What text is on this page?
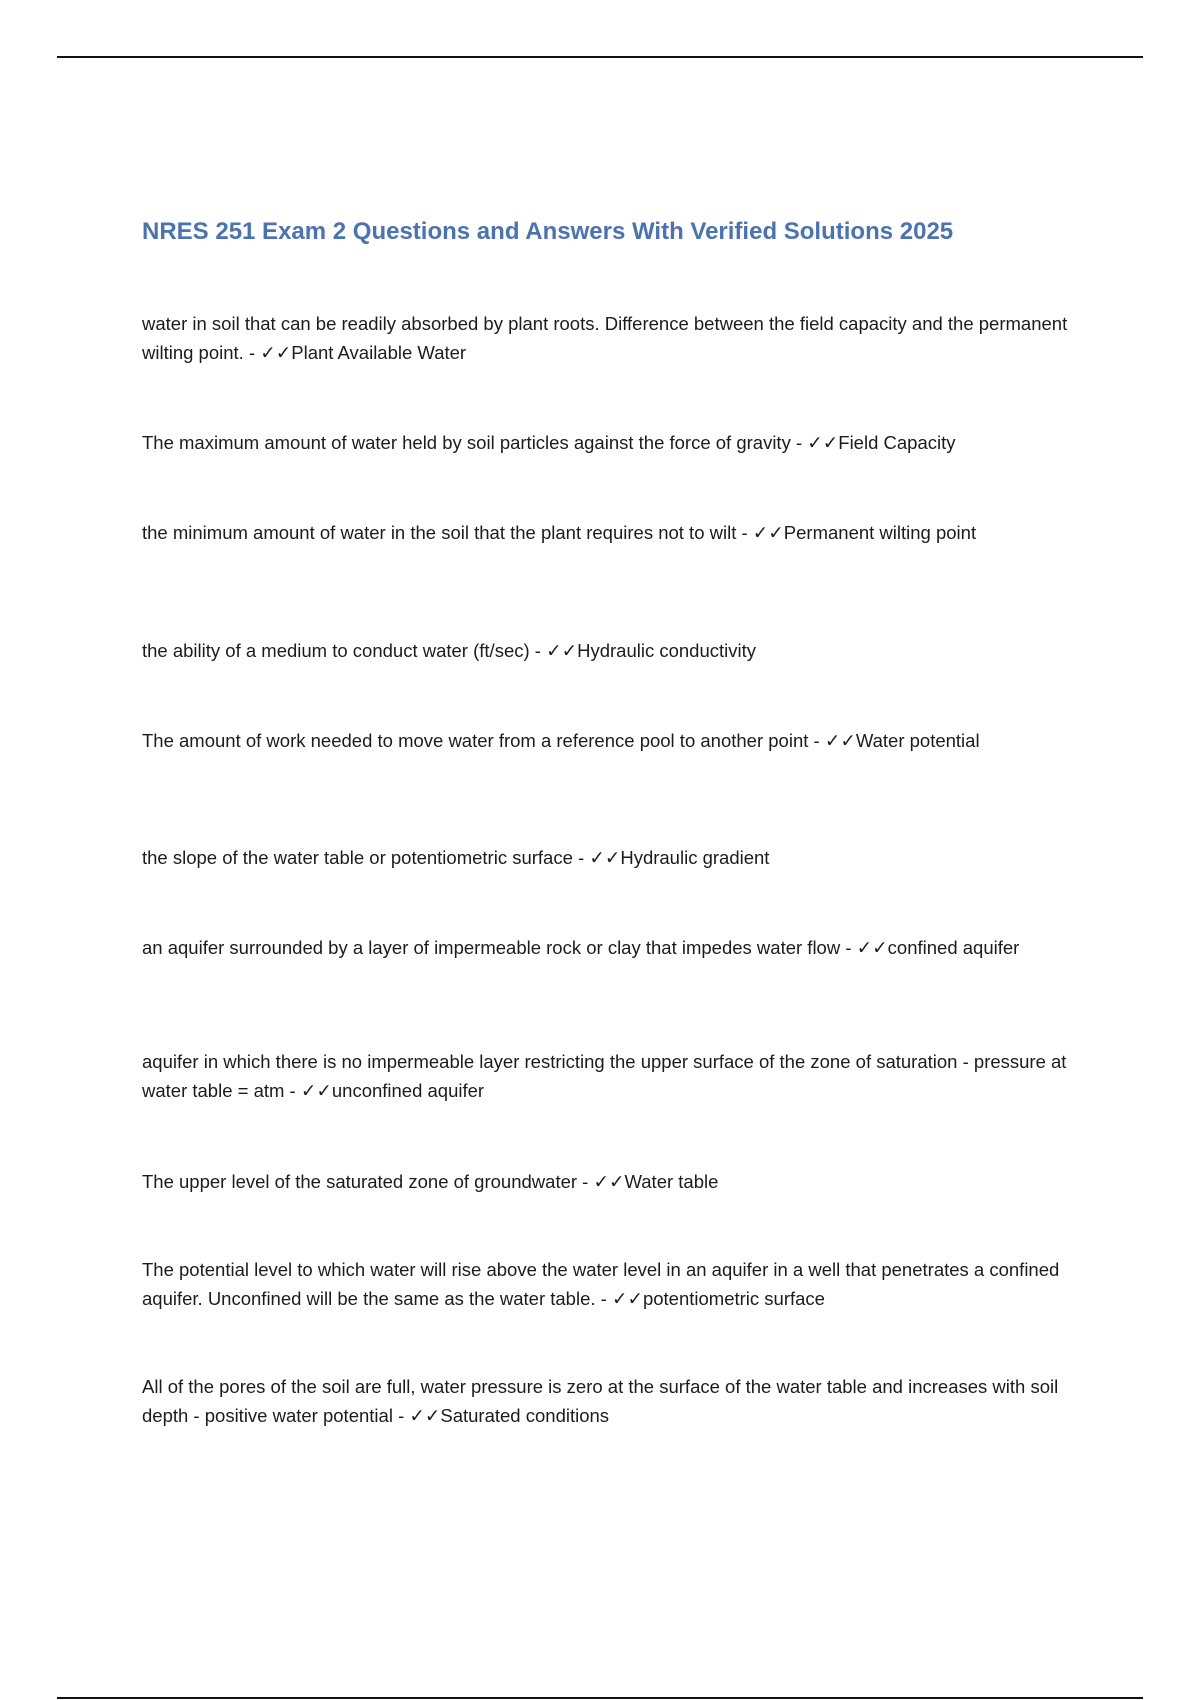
NRES 251 Exam 2 Questions and Answers With Verified Solutions 2025

water in soil that can be readily absorbed by plant roots. Difference between the field capacity and the permanent wilting point. - ✓✓Plant Available Water

The maximum amount of water held by soil particles against the force of gravity - ✓✓Field Capacity

the minimum amount of water in the soil that the plant requires not to wilt - ✓✓Permanent wilting point

the ability of a medium to conduct water (ft/sec) - ✓✓Hydraulic conductivity

The amount of work needed to move water from a reference pool to another point - ✓✓Water potential

the slope of the water table or potentiometric surface - ✓✓Hydraulic gradient

an aquifer surrounded by a layer of impermeable rock or clay that impedes water flow - ✓✓confined aquifer

aquifer in which there is no impermeable layer restricting the upper surface of the zone of saturation - pressure at water table = atm - ✓✓unconfined aquifer

The upper level of the saturated zone of groundwater - ✓✓Water table

The potential level to which water will rise above the water level in an aquifer in a well that penetrates a confined aquifer. Unconfined will be the same as the water table. - ✓✓potentiometric surface

All of the pores of the soil are full, water pressure is zero at the surface of the water table and increases with soil depth - positive water potential - ✓✓Saturated conditions
